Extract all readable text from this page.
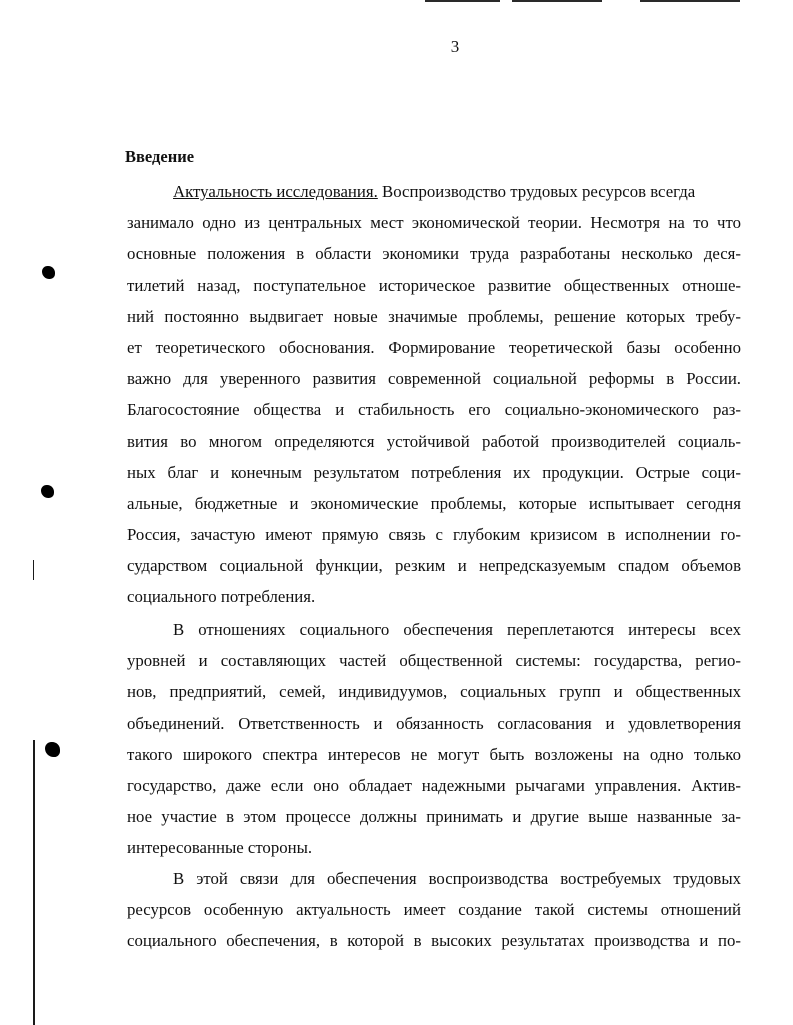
3
Введение
Актуальность исследования. Воспроизводство трудовых ресурсов всегда
занимало одно из центральных мест экономической теории. Несмотря на то что
основные положения в области экономики труда разработаны несколько деся-
тилетий назад, поступательное историческое развитие общественных отноше-
ний постоянно выдвигает новые значимые проблемы, решение которых требу-
ет теоретического обоснования. Формирование теоретической базы особенно
важно для уверенного развития современной социальной реформы в России.
Благосостояние общества и стабильность его социально-экономического раз-
вития во многом определяются устойчивой работой производителей социаль-
ных благ и конечным результатом потребления их продукции. Острые соци-
альные, бюджетные и экономические проблемы, которые испытывает сегодня
Россия, зачастую имеют прямую связь с глубоким кризисом в исполнении го-
сударством социальной функции, резким и непредсказуемым спадом объемов
социального потребления.
В отношениях социального обеспечения переплетаются интересы всех
уровней и составляющих частей общественной системы: государства, регио-
нов, предприятий, семей, индивидуумов, социальных групп и общественных
объединений. Ответственность и обязанность согласования и удовлетворения
такого широкого спектра интересов не могут быть возложены на одно только
государство, даже если оно обладает надежными рычагами управления. Актив-
ное участие в этом процессе должны принимать и другие выше названные за-
интересованные стороны.
В этой связи для обеспечения воспроизводства востребуемых трудовых
ресурсов особенную актуальность имеет создание такой системы отношений
социального обеспечения, в которой в высоких результатах производства и по-
